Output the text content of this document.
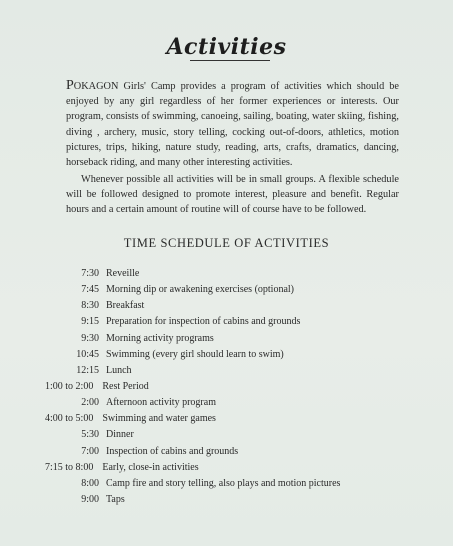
Activities
POKAGON Girls' Camp provides a program of activities which should be enjoyed by any girl regardless of her former experiences or interests. Our program, consists of swimming, canoeing, sailing, boating, water skiing, fishing, diving , archery, music, story telling, cocking out-of-doors, athletics, motion pictures, trips, hiking, nature study, reading, arts, crafts, dramatics, dancing, horseback riding, and many other interesting activities.
Whenever possible all activities will be in small groups. A flexible schedule will be followed designed to promote interest, pleasure and benefit. Regular hours and a certain amount of routine will of course have to be followed.
TIME SCHEDULE OF ACTIVITIES
7:30 Reveille
7:45 Morning dip or awakening exercises (optional)
8:30 Breakfast
9:15 Preparation for inspection of cabins and grounds
9:30 Morning activity programs
10:45 Swimming (every girl should learn to swim)
12:15 Lunch
1:00 to 2:00 Rest Period
2:00 Afternoon activity program
4:00 to 5:00 Swimming and water games
5:30 Dinner
7:00 Inspection of cabins and grounds
7:15 to 8:00 Early, close-in activities
8:00 Camp fire and story telling, also plays and motion pictures
9:00 Taps
